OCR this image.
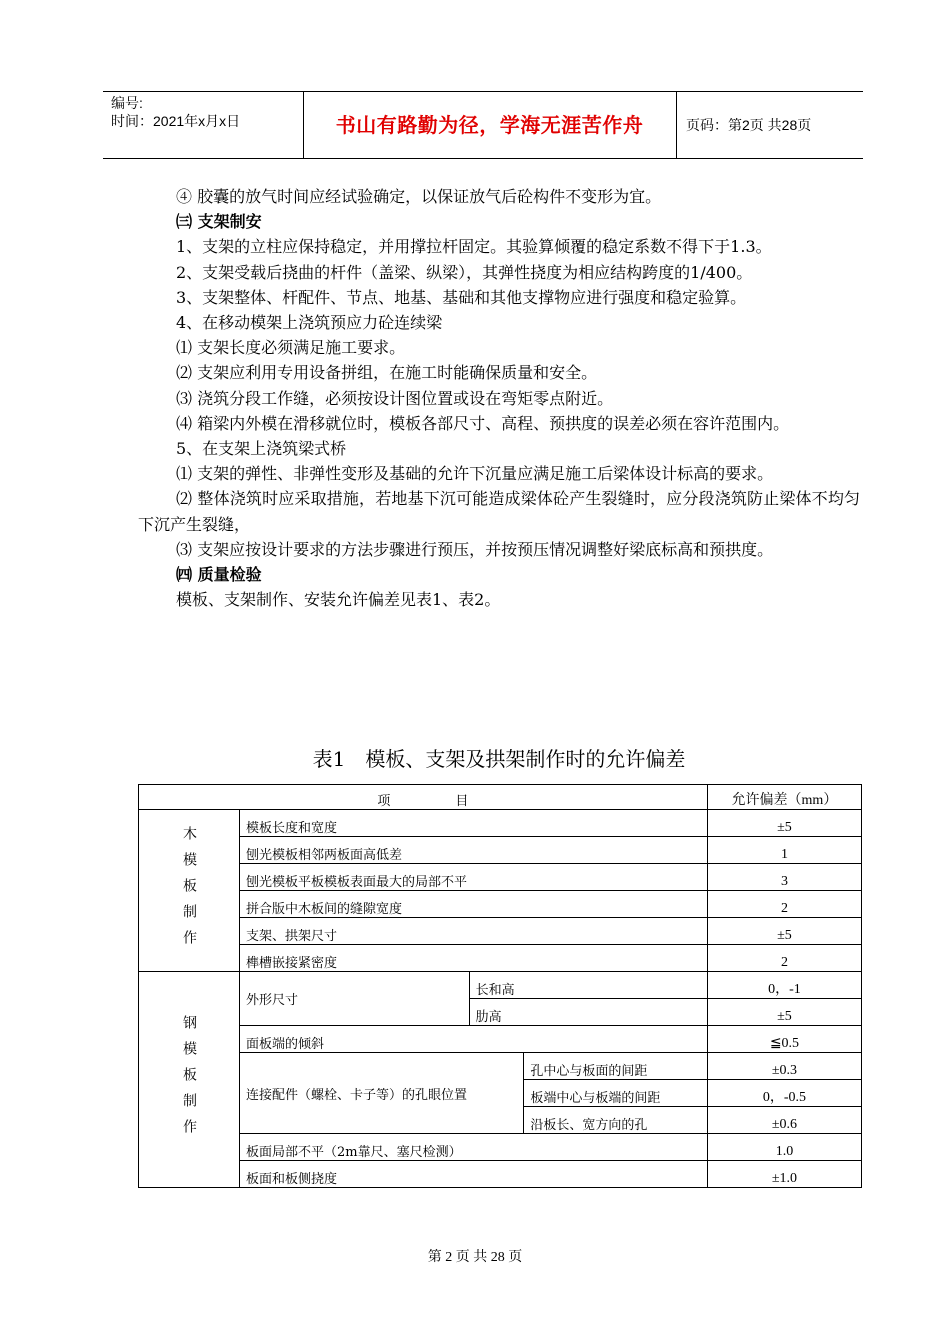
编号:
时间：2021年x月x日	书山有路勤为径，学海无涯苦作舟	页码：第2页 共28页

④ 胶囊的放气时间应经试验确定，以保证放气后砼构件不变形为宜。

㈢ 支架制安

1、支架的立柱应保持稳定，并用撑拉杆固定。其验算倾覆的稳定系数不得下于1.3。

2、支架受载后挠曲的杆件（盖梁、纵梁），其弹性挠度为相应结构跨度的1/400。

3、支架整体、杆配件、节点、地基、基础和其他支撑物应进行强度和稳定验算。

4、在移动模架上浇筑预应力砼连续梁

⑴ 支架长度必须满足施工要求。

⑵ 支架应利用专用设备拼组，在施工时能确保质量和安全。

⑶ 浇筑分段工作缝，必须按设计图位置或设在弯矩零点附近。

⑷ 箱梁内外模在滑移就位时，模板各部尺寸、高程、预拱度的误差必须在容许范围内。

5、在支架上浇筑梁式桥

⑴ 支架的弹性、非弹性变形及基础的允许下沉量应满足施工后梁体设计标高的要求。

⑵ 整体浇筑时应采取措施，若地基下沉可能造成梁体砼产生裂缝时，应分段浇筑防止梁体不均匀下沉产生裂缝，

⑶ 支架应按设计要求的方法步骤进行预压，并按预压情况调整好梁底标高和预拱度。

㈣ 质量检验

模板、支架制作、安装允许偏差见表1、表2。

表1　模板、支架及拱架制作时的允许偏差
项　　　　　目				允许偏差（mm）
木模板制作	模板长度和宽度			±5
	刨光模板相邻两板面高低差			1
	刨光模板平板模板表面最大的局部不平			3
	拼合版中木板间的缝隙宽度			2
	支架、拱架尺寸			±5
	榫槽嵌接紧密度			2
钢模板制作	外形尺寸	长和高		0，-1
		肋高		±5
	面板端的倾斜			≦0.5
	连接配件（螺栓、卡子等）的孔眼位置		孔中心与板面的间距	±0.3
			板端中心与板端的间距	0，-0.5
			沿板长、宽方向的孔	±0.6
	板面局部不平（2m靠尺、塞尺检测）			1.0
	板面和板侧挠度			±1.0
第 2 页 共 28 页
